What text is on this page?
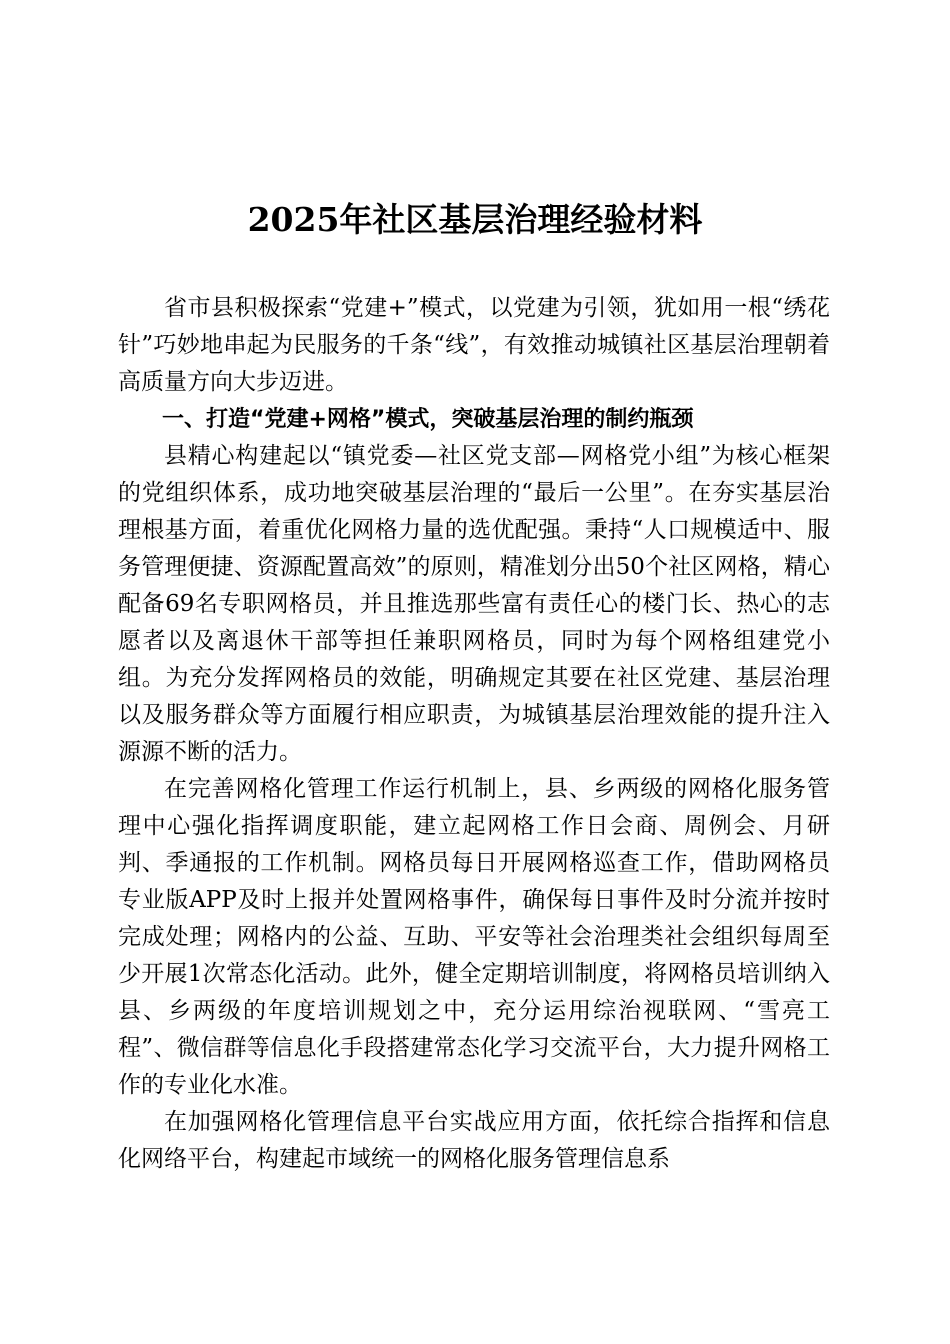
2025年社区基层治理经验材料

省市县积极探索“党建+”模式，以党建为引领，犹如用一根“绣花针”巧妙地串起为民服务的千条“线”，有效推动城镇社区基层治理朝着高质量方向大步迈进。

一、打造“党建+网格”模式，突破基层治理的制约瓶颈

县精心构建起以“镇党委—社区党支部—网格党小组”为核心框架的党组织体系，成功地突破基层治理的“最后一公里”。在夯实基层治理根基方面，着重优化网格力量的选优配强。秉持“人口规模适中、服务管理便捷、资源配置高效”的原则，精准划分出50个社区网格，精心配备69名专职网格员，并且推选那些富有责任心的楼门长、热心的志愿者以及离退休干部等担任兼职网格员，同时为每个网格组建党小组。为充分发挥网格员的效能，明确规定其要在社区党建、基层治理以及服务群众等方面履行相应职责，为城镇基层治理效能的提升注入源源不断的活力。

在完善网格化管理工作运行机制上，县、乡两级的网格化服务管理中心强化指挥调度职能，建立起网格工作日会商、周例会、月研判、季通报的工作机制。网格员每日开展网格巡查工作，借助网格员专业版APP及时上报并处置网格事件，确保每日事件及时分流并按时完成处理；网格内的公益、互助、平安等社会治理类社会组织每周至少开展1次常态化活动。此外，健全定期培训制度，将网格员培训纳入县、乡两级的年度培训规划之中，充分运用综治视联网、“雪亮工程”、微信群等信息化手段搭建常态化学习交流平台，大力提升网格工作的专业化水准。

在加强网格化管理信息平台实战应用方面，依托综合指挥和信息化网络平台，构建起市域统一的网格化服务管理信息系
